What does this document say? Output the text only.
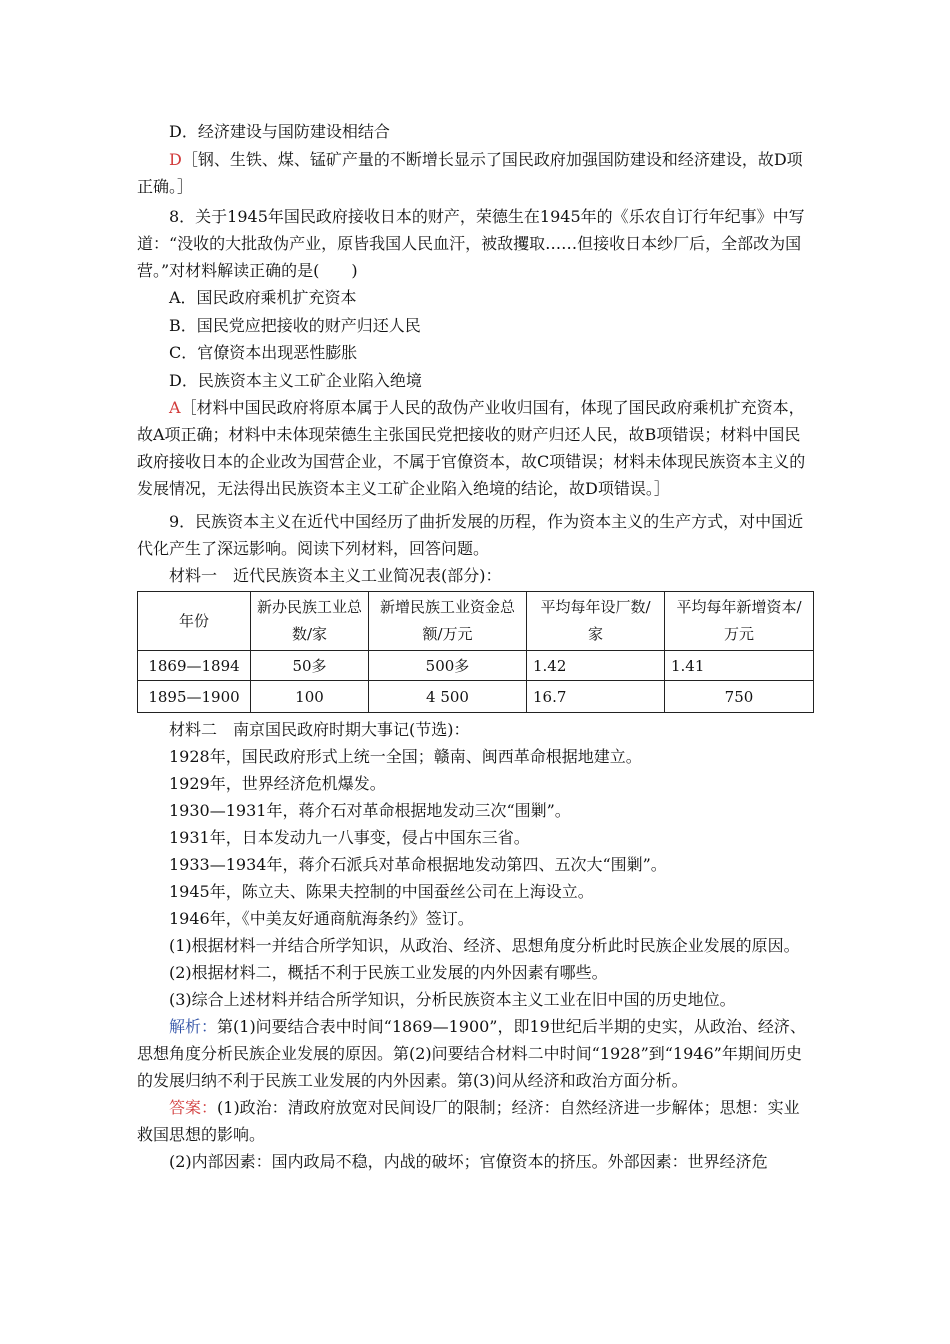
D．经济建设与国防建设相结合

D［钢、生铁、煤、锰矿产量的不断增长显示了国民政府加强国防建设和经济建设，故D项正确。］

8．关于1945年国民政府接收日本的财产，荣德生在1945年的《乐农自订行年纪事》中写道：“没收的大批敌伪产业，原皆我国人民血汗，被敌攫取……但接收日本纱厂后，全部改为国营。”对材料解读正确的是(　　)

A．国民政府乘机扩充资本

B．国民党应把接收的财产归还人民

C．官僚资本出现恶性膨胀

D．民族资本主义工矿企业陷入绝境

A［材料中国民政府将原本属于人民的敌伪产业收归国有，体现了国民政府乘机扩充资本，故A项正确；材料中未体现荣德生主张国民党把接收的财产归还人民，故B项错误；材料中国民政府接收日本的企业改为国营企业，不属于官僚资本，故C项错误；材料未体现民族资本主义的发展情况，无法得出民族资本主义工矿企业陷入绝境的结论，故D项错误。］

9．民族资本主义在近代中国经历了曲折发展的历程，作为资本主义的生产方式，对中国近代化产生了深远影响。阅读下列材料，回答问题。

材料一　近代民族资本主义工业简况表(部分)：

年份	新办民族工业总数/家	新增民族工业资金总额/万元	平均每年设厂数/家	平均每年新增资本/万元
1869—1894	50多	500多	1.42	1.41
1895—1900	100	4 500	16.7	750

材料二　南京国民政府时期大事记(节选)：

1928年，国民政府形式上统一全国；赣南、闽西革命根据地建立。

1929年，世界经济危机爆发。

1930—1931年，蒋介石对革命根据地发动三次“围剿”。

1931年，日本发动九一八事变，侵占中国东三省。

1933—1934年，蒋介石派兵对革命根据地发动第四、五次大“围剿”。

1945年，陈立夫、陈果夫控制的中国蚕丝公司在上海设立。

1946年，《中美友好通商航海条约》签订。

(1)根据材料一并结合所学知识，从政治、经济、思想角度分析此时民族企业发展的原因。

(2)根据材料二，概括不利于民族工业发展的内外因素有哪些。

(3)综合上述材料并结合所学知识，分析民族资本主义工业在旧中国的历史地位。

解析：第(1)问要结合表中时间“1869—1900”，即19世纪后半期的史实，从政治、经济、思想角度分析民族企业发展的原因。第(2)问要结合材料二中时间“1928”到“1946”年期间历史的发展归纳不利于民族工业发展的内外因素。第(3)问从经济和政治方面分析。

答案：(1)政治：清政府放宽对民间设厂的限制；经济：自然经济进一步解体；思想：实业救国思想的影响。

(2)内部因素：国内政局不稳，内战的破坏；官僚资本的挤压。外部因素：世界经济危
